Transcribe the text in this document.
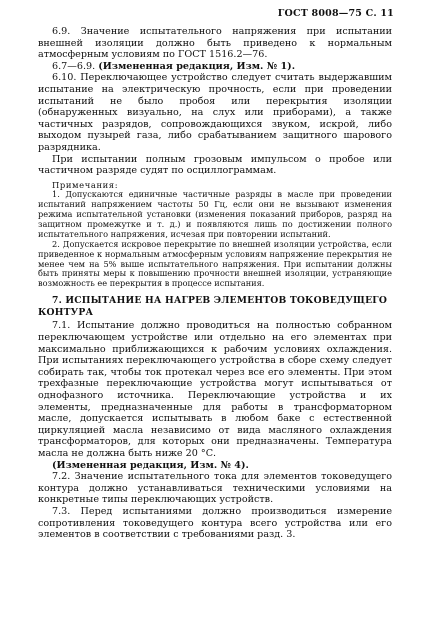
ГОСТ 8008—75 С. 11

6.9. Значение испытательного напряжения при испытании внешней изоляции должно быть приведено к нормальным атмосферным условиям по ГОСТ 1516.2—76.

6.7—6.9. (Измененная редакция, Изм. № 1).

6.10. Переключающее устройство следует считать выдержавшим испытание на электрическую прочность, если при проведении испытаний не было пробоя или перекрытия изоляции (обнаруженных визуально, на слух или приборами), а также частичных разрядов, сопровождающихся звуком, искрой, либо выходом пузырей газа, либо срабатыванием защитного шарового разрядника.

При испытании полным грозовым импульсом о пробое или частичном разряде судят по осциллограммам.

Примечания:

1. Допускаются единичные частичные разряды в масле при проведении испытаний напряжением частоты 50 Гц, если они не вызывают изменения режима испытательной установки (изменения показаний приборов, разряд на защитном промежутке и т. д.) и появляются лишь по достижении полного испытательного напряжения, исчезая при повторении испытаний.

2. Допускается искровое перекрытие по внешней изоляции устройства, если приведенное к нормальным атмосферным условиям напряжение перекрытия не менее чем на 5% выше испытательного напряжения. При испытании должны быть приняты меры к повышению прочности внешней изоляции, устраняющие возможность ее перекрытия в процессе испытания.

7. ИСПЫТАНИЕ НА НАГРЕВ ЭЛЕМЕНТОВ ТОКОВЕДУЩЕГО КОНТУРА

7.1. Испытание должно проводиться на полностью собранном переключающем устройстве или отдельно на его элементах при максимально приближающихся к рабочим условиях охлаждения. При испытаниях переключающего устройства в сборе схему следует собирать так, чтобы ток протекал через все его элементы. При этом трехфазные переключающие устройства могут испытываться от однофазного источника. Переключающие устройства и их элементы, предназначенные для работы в трансформаторном масле, допускается испытывать в любом баке с естественной циркуляцией масла независимо от вида масляного охлаждения трансформаторов, для которых они предназначены. Температура масла не должна быть ниже 20 °С.

(Измененная редакция, Изм. № 4).

7.2. Значение испытательного тока для элементов токоведущего контура должно устанавливаться техническими условиями на конкретные типы переключающих устройств.

7.3. Перед испытаниями должно производиться измерение сопротивления токоведущего контура всего устройства или его элементов в соответствии с требованиями разд. 3.
